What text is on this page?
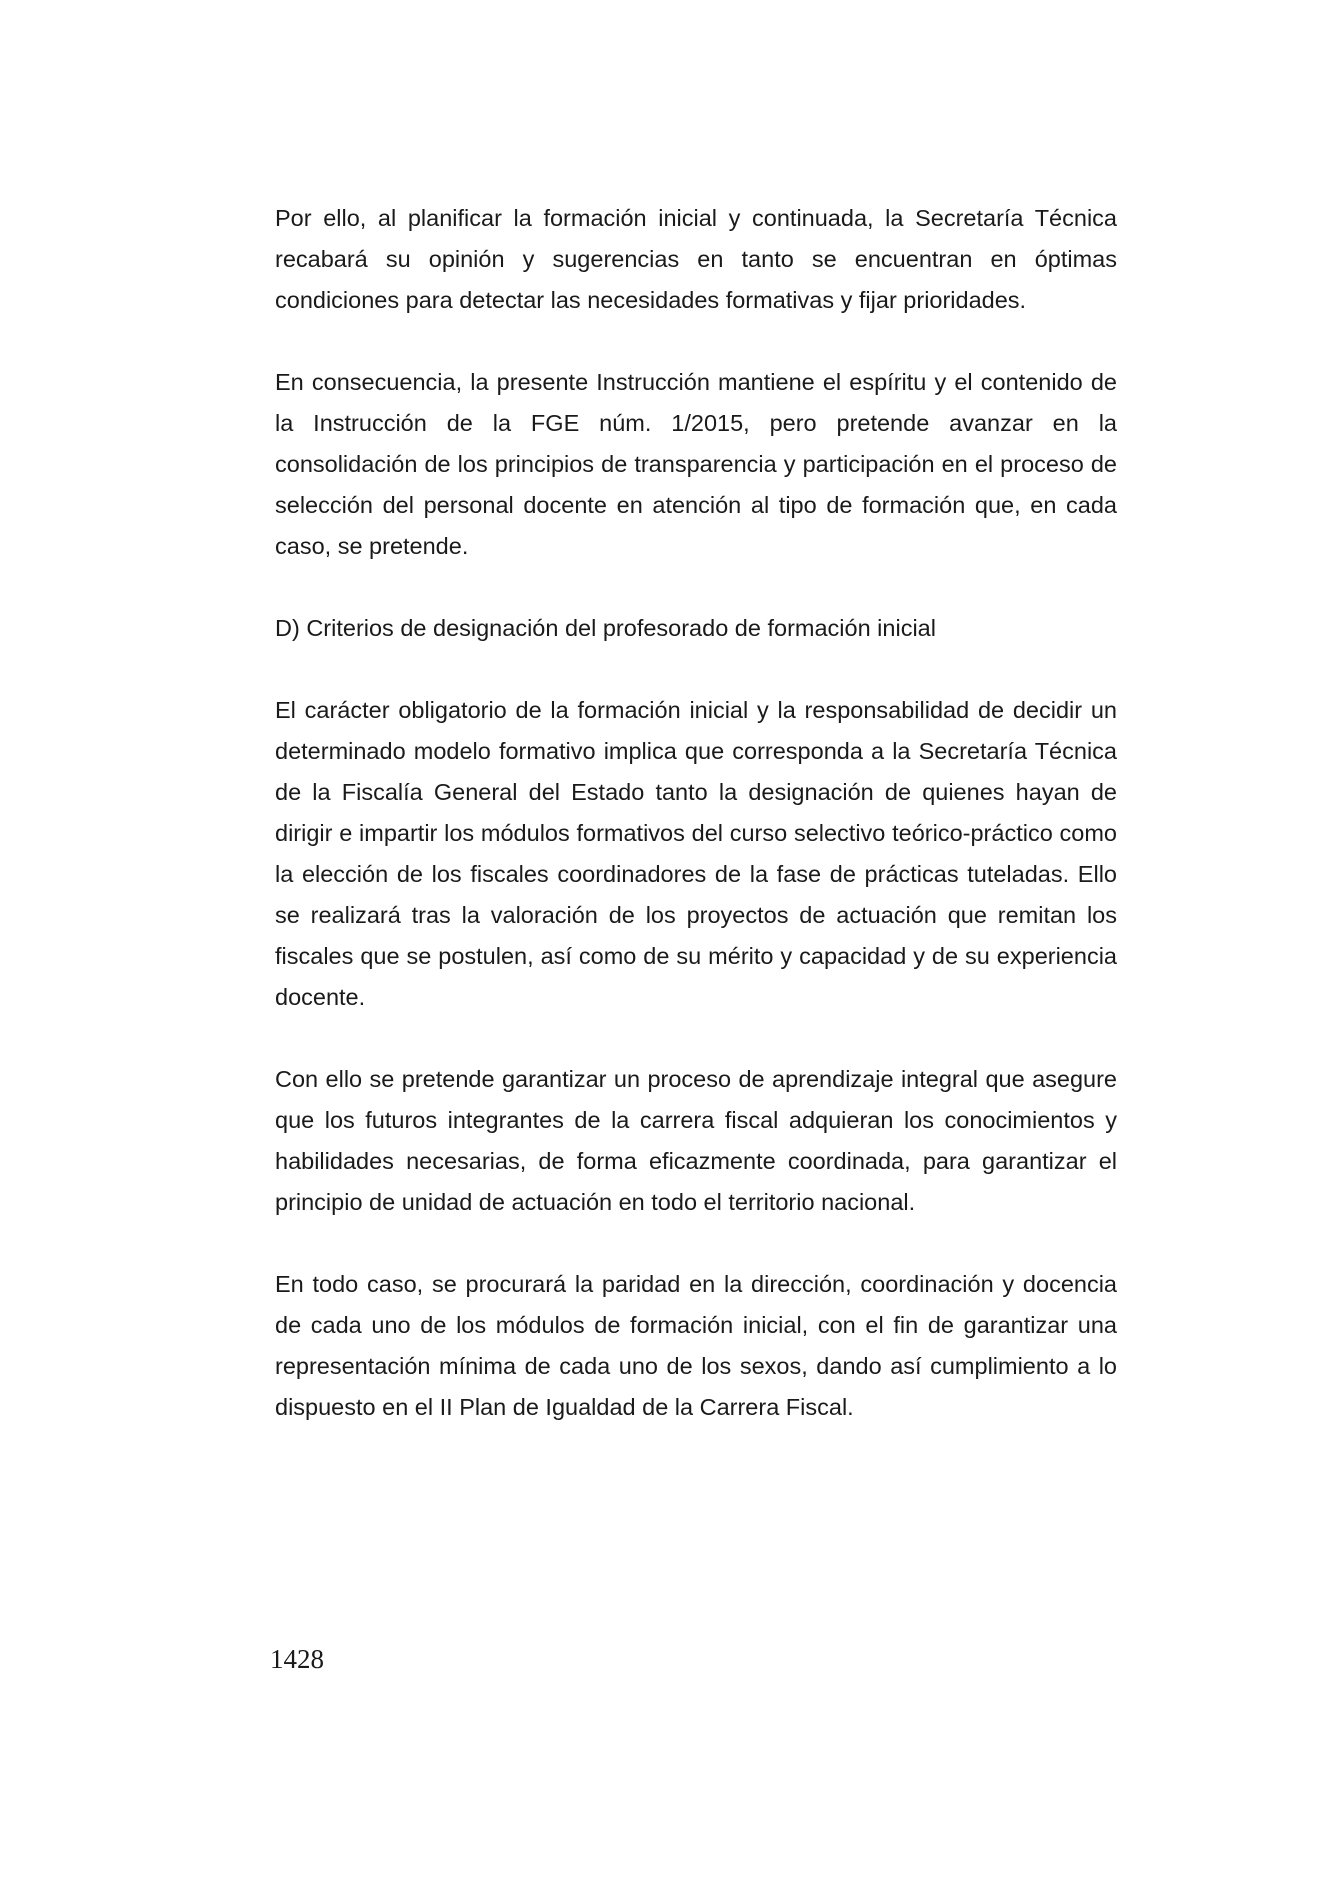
Por ello, al planificar la formación inicial y continuada, la Secretaría Técnica recabará su opinión y sugerencias en tanto se encuentran en óptimas condiciones para detectar las necesidades formativas y fijar prioridades.

En consecuencia, la presente Instrucción mantiene el espíritu y el contenido de la Instrucción de la FGE núm. 1/2015, pero pretende avanzar en la consolidación de los principios de transparencia y participación en el proceso de selección del personal docente en atención al tipo de formación que, en cada caso, se pretende.

D) Criterios de designación del profesorado de formación inicial

El carácter obligatorio de la formación inicial y la responsabilidad de decidir un determinado modelo formativo implica que corresponda a la Secretaría Técnica de la Fiscalía General del Estado tanto la designación de quienes hayan de dirigir e impartir los módulos formativos del curso selectivo teórico-práctico como la elección de los fiscales coordinadores de la fase de prácticas tuteladas. Ello se realizará tras la valoración de los proyectos de actuación que remitan los fiscales que se postulen, así como de su mérito y capacidad y de su experiencia docente.

Con ello se pretende garantizar un proceso de aprendizaje integral que asegure que los futuros integrantes de la carrera fiscal adquieran los conocimientos y habilidades necesarias, de forma eficazmente coordinada, para garantizar el principio de unidad de actuación en todo el territorio nacional.

En todo caso, se procurará la paridad en la dirección, coordinación y docencia de cada uno de los módulos de formación inicial, con el fin de garantizar una representación mínima de cada uno de los sexos, dando así cumplimiento a lo dispuesto en el II Plan de Igualdad de la Carrera Fiscal.

1428
